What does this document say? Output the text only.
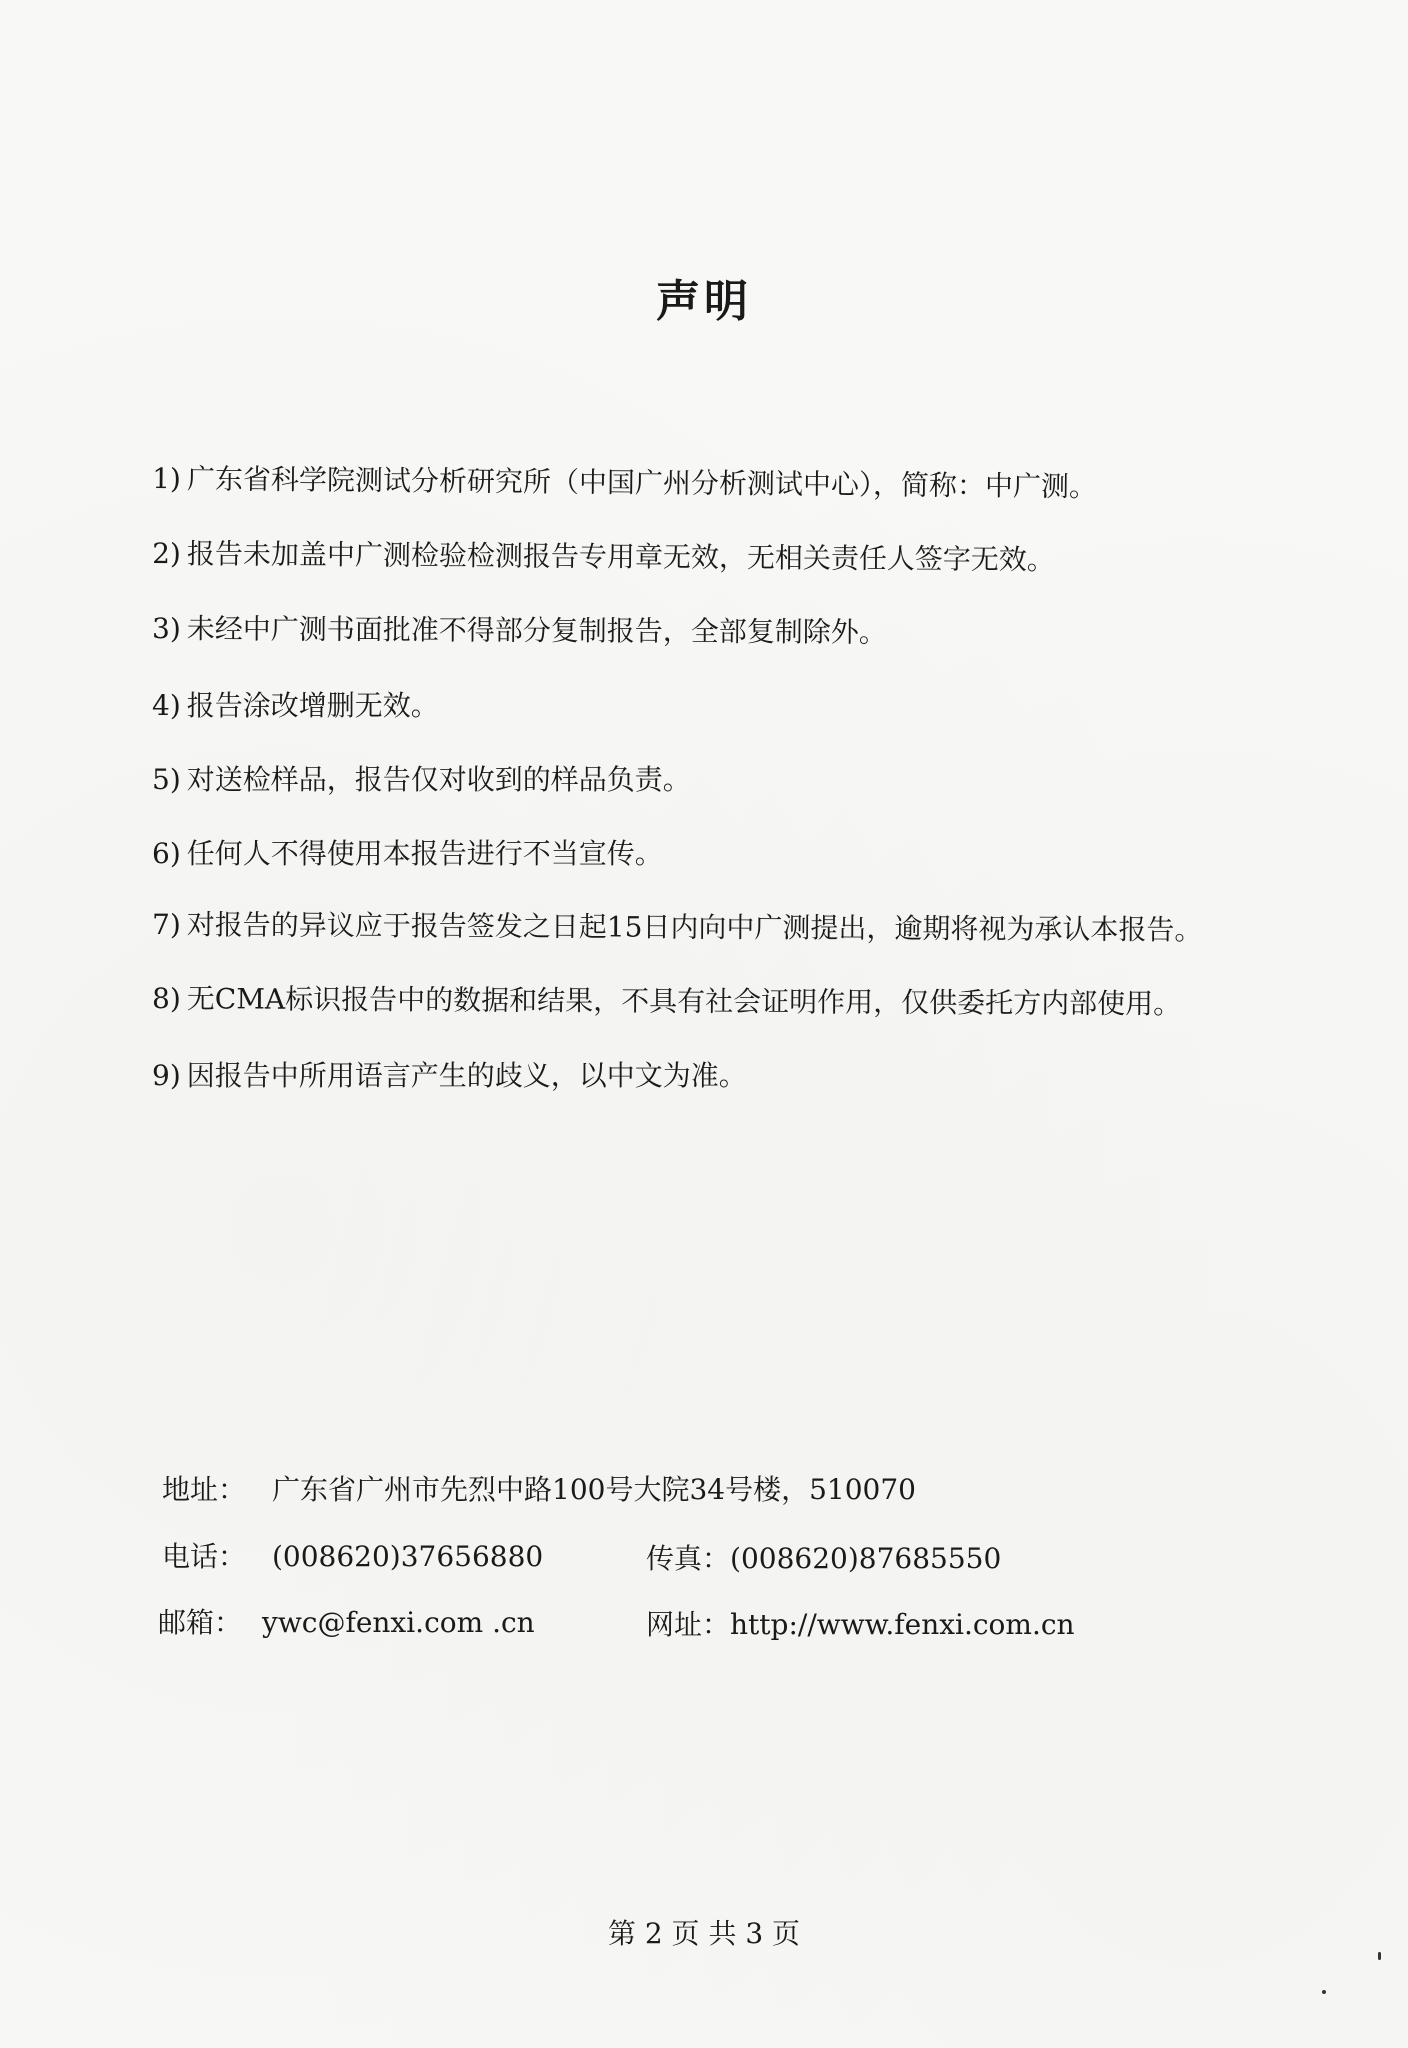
声明
1) 广东省科学院测试分析研究所（中国广州分析测试中心），简称：中广测。
2) 报告未加盖中广测检验检测报告专用章无效，无相关责任人签字无效。
3) 未经中广测书面批准不得部分复制报告，全部复制除外。
4) 报告涂改增删无效。
5) 对送检样品，报告仅对收到的样品负责。
6) 任何人不得使用本报告进行不当宣传。
7) 对报告的异议应于报告签发之日起15日内向中广测提出，逾期将视为承认本报告。
8) 无CMA标识报告中的数据和结果，不具有社会证明作用，仅供委托方内部使用。
9) 因报告中所用语言产生的歧义，以中文为准。
地址： 广东省广州市先烈中路100号大院34号楼，510070
电话： (008620)37656880	传真：(008620)87685550
邮箱： ywc@fenxi.com .cn	网址：http://www.fenxi.com.cn
第 2 页 共 3 页
